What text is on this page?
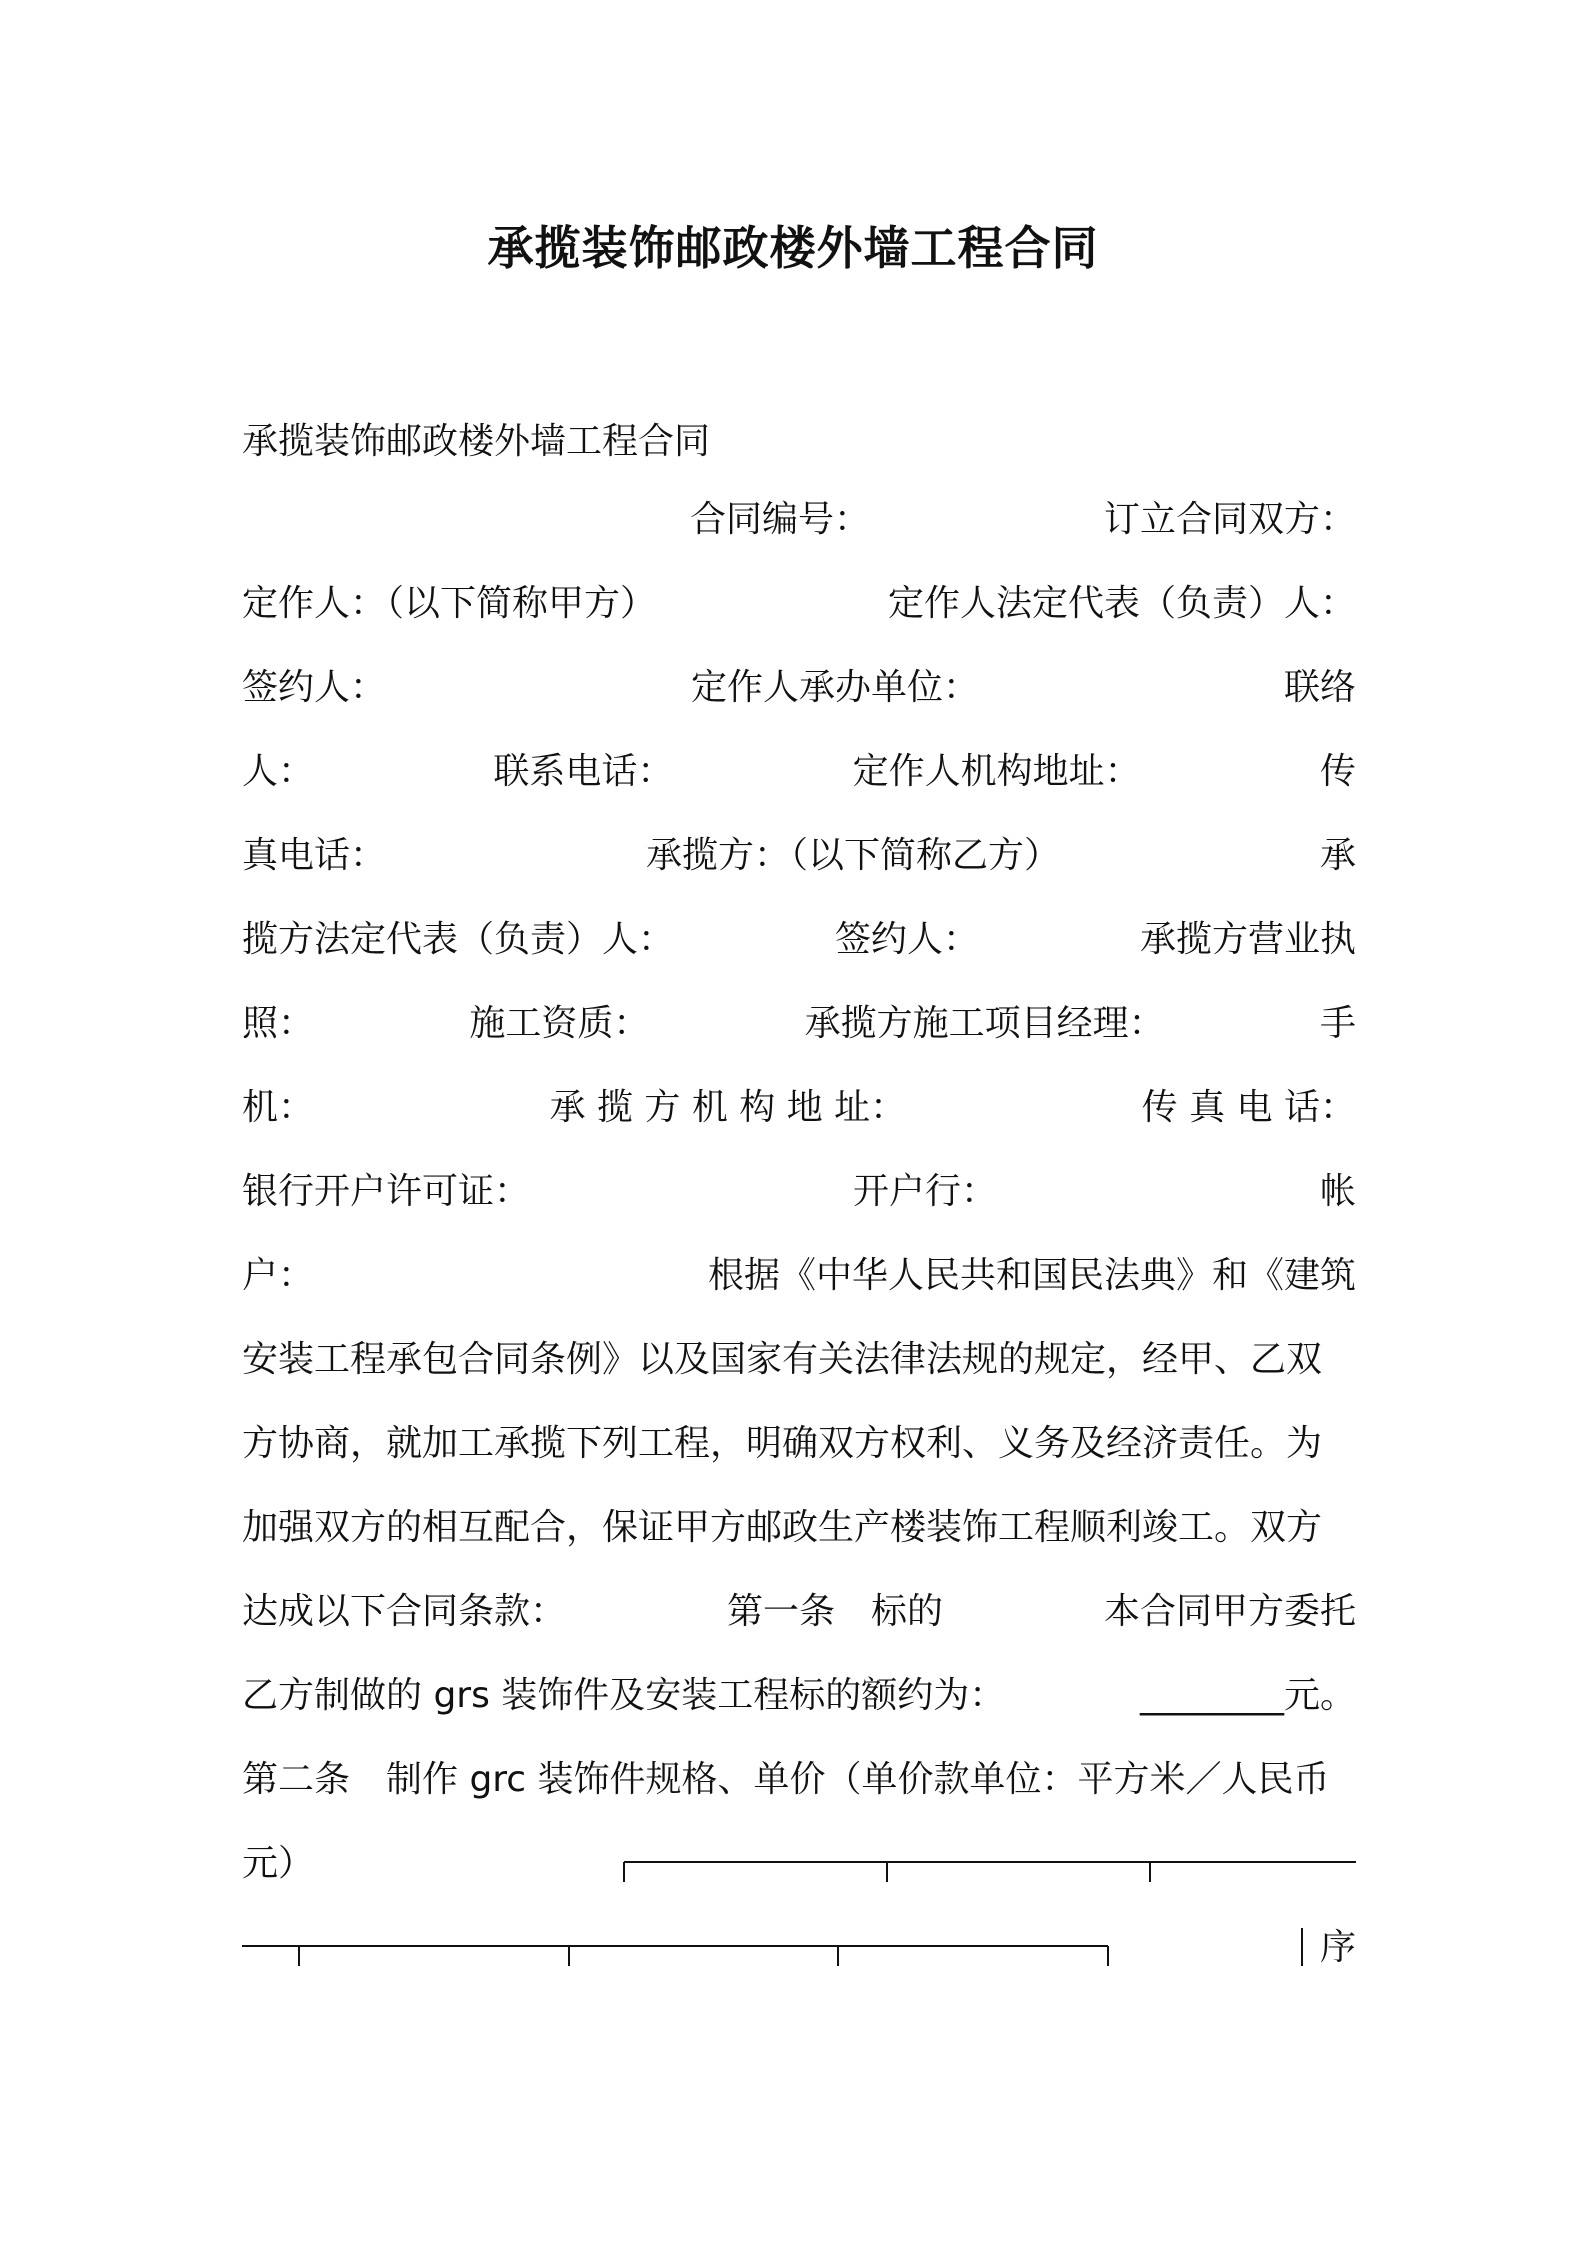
承揽装饰邮政楼外墙工程合同
承揽装饰邮政楼外墙工程合同
合同编号：	订立合同双方：
定作人：（以下简称甲方）	定作人法定代表（负责）人：
签约人：	定作人承办单位：	联络
人：	联系电话：	定作人机构地址：	传
真电话：	承揽方：（以下简称乙方）	承
揽方法定代表（负责）人：	签约人：	承揽方营业执
照：	施工资质：	承揽方施工项目经理：	手
机：	承 揽 方 机 构 地 址：	传 真 电 话：
银行开户许可证：	开户行：	帐
户：	根据《中华人民共和国民法典》和《建筑
安装工程承包合同条例》以及国家有关法律法规的规定，经甲、乙双
方协商，就加工承揽下列工程，明确双方权利、义务及经济责任。为
加强双方的相互配合，保证甲方邮政生产楼装饰工程顺利竣工。双方
达成以下合同条款：	第一条　标的	本合同甲方委托
乙方制做的 grs 装饰件及安装工程标的额约为：	________元。
第二条　制作 grc 装饰件规格、单价（单价款单位：平方米／人民币
元）
序
